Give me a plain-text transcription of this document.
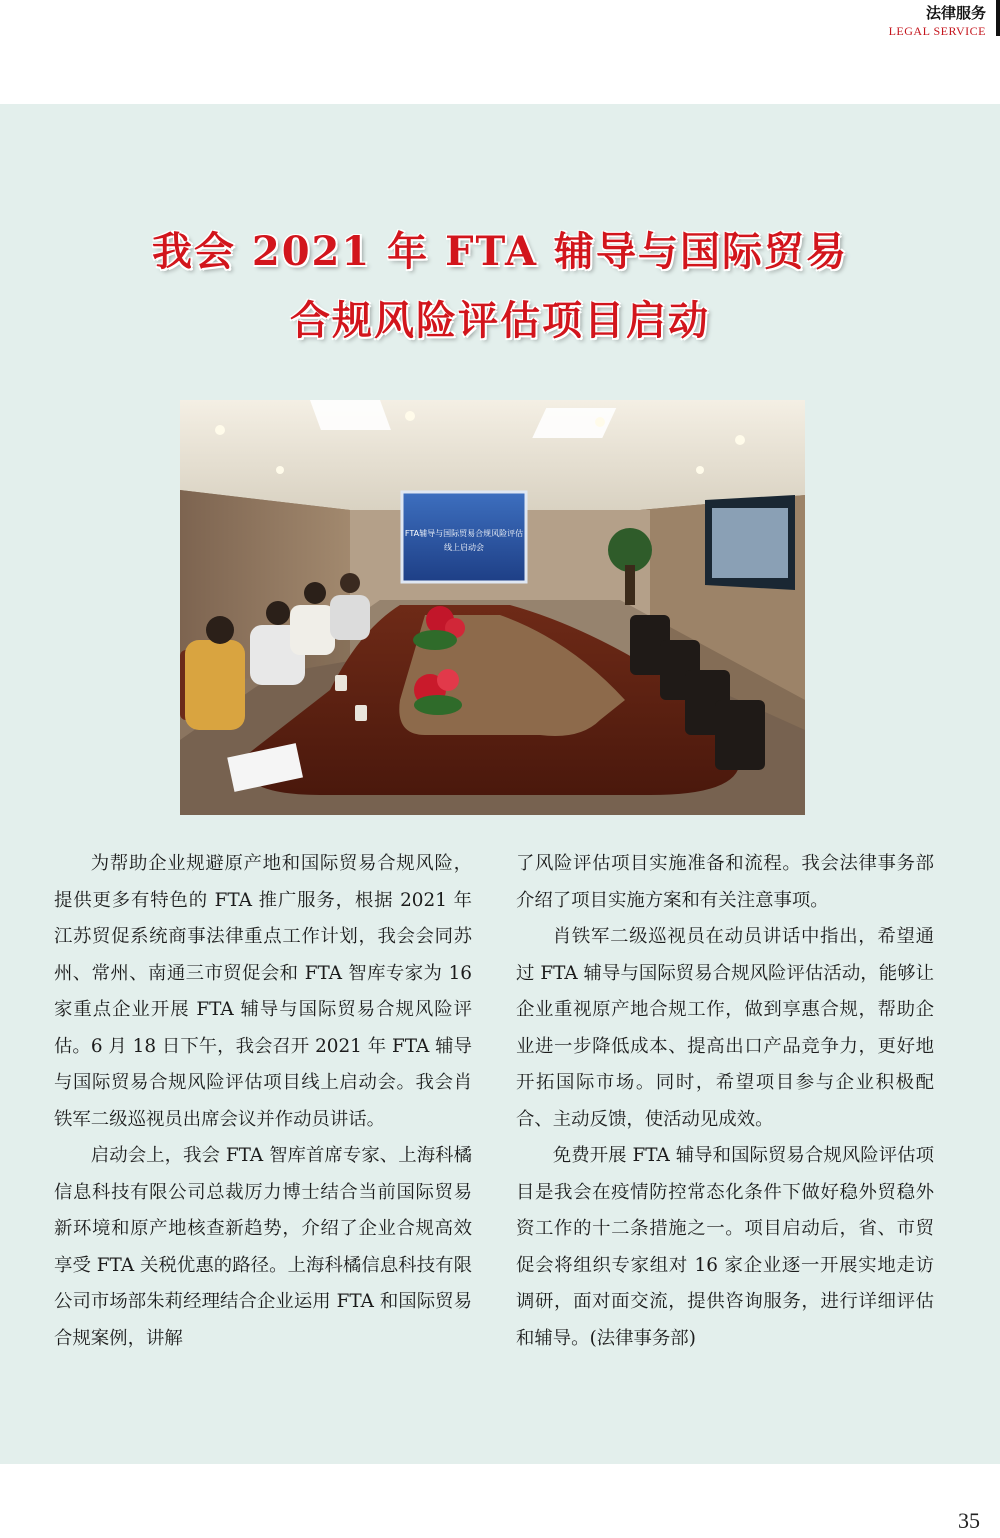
法律服务
LEGAL SERVICE
我会 2021 年 FTA 辅导与国际贸易
合规风险评估项目启动
FTA辅导与国际贸易合规风险评估
线上启动会

为帮助企业规避原产地和国际贸易合规风险，提供更多有特色的 FTA 推广服务，根据 2021 年江苏贸促系统商事法律重点工作计划，我会会同苏州、常州、南通三市贸促会和 FTA 智库专家为 16 家重点企业开展 FTA 辅导与国际贸易合规风险评估。6 月 18 日下午，我会召开 2021 年 FTA 辅导与国际贸易合规风险评估项目线上启动会。我会肖铁军二级巡视员出席会议并作动员讲话。

启动会上，我会 FTA 智库首席专家、上海科橘信息科技有限公司总裁厉力博士结合当前国际贸易新环境和原产地核查新趋势，介绍了企业合规高效享受 FTA 关税优惠的路径。上海科橘信息科技有限公司市场部朱莉经理结合企业运用 FTA 和国际贸易合规案例，讲解

了风险评估项目实施准备和流程。我会法律事务部介绍了项目实施方案和有关注意事项。

肖铁军二级巡视员在动员讲话中指出，希望通过 FTA 辅导与国际贸易合规风险评估活动，能够让企业重视原产地合规工作，做到享惠合规，帮助企业进一步降低成本、提高出口产品竞争力，更好地开拓国际市场。同时，希望项目参与企业积极配合、主动反馈，使活动见成效。

免费开展 FTA 辅导和国际贸易合规风险评估项目是我会在疫情防控常态化条件下做好稳外贸稳外资工作的十二条措施之一。项目启动后，省、市贸促会将组织专家组对 16 家企业逐一开展实地走访调研，面对面交流，提供咨询服务，进行详细评估和辅导。(法律事务部)

35
